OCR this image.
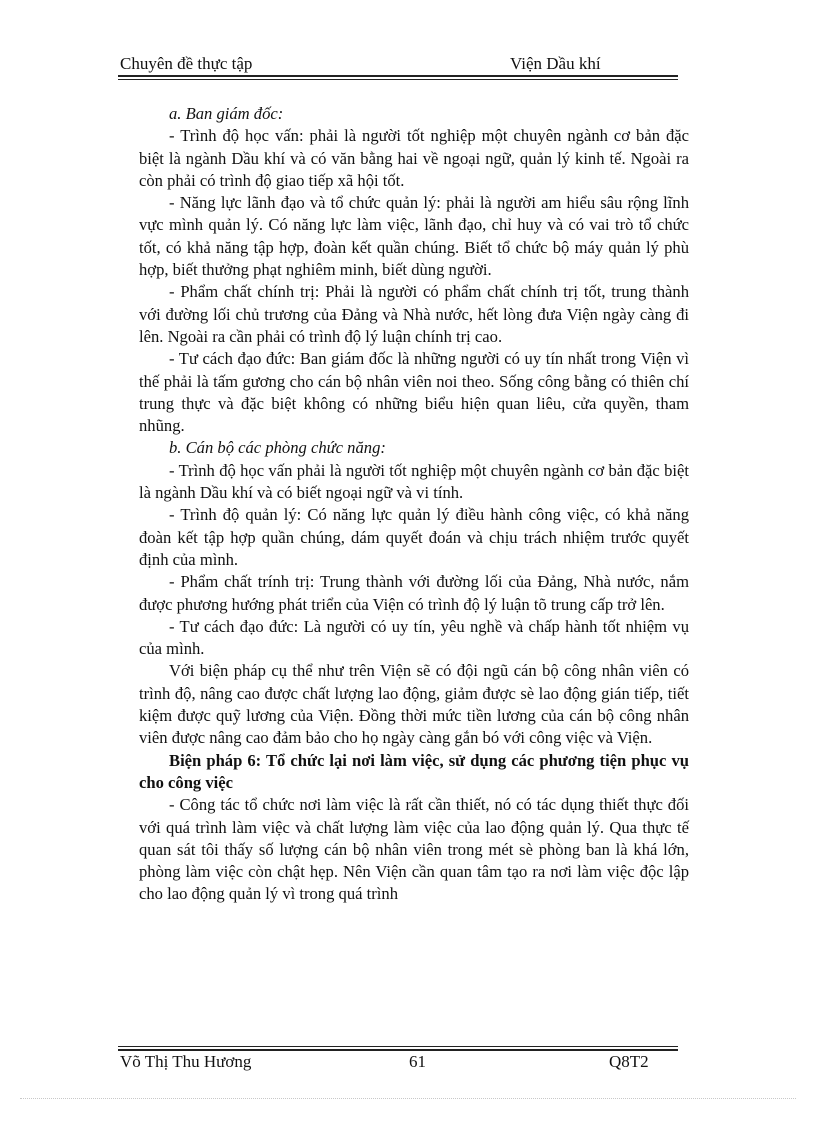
Chuyên đề thực tập	Viện Dầu khí

a. Ban giám đốc:

- Trình độ học vấn: phải là người tốt nghiệp một chuyên ngành cơ bản đặc biệt là ngành Dầu khí và có văn bằng hai về ngoại ngữ, quản lý kinh tế. Ngoài ra còn phải có trình độ giao tiếp xã hội tốt.

- Năng lực lãnh đạo và tổ chức quản lý: phải là người am hiểu sâu rộng lĩnh vực mình quản lý. Có năng lực làm việc, lãnh đạo, chỉ huy và có vai trò tổ chức tốt, có khả năng tập hợp, đoàn kết quần chúng. Biết tổ chức bộ máy quản lý phù hợp, biết thưởng phạt nghiêm minh, biết dùng người.

- Phẩm chất chính trị: Phải là người có phẩm chất chính trị tốt, trung thành với đường lối chủ trương của Đảng và Nhà nước, hết lòng đưa Viện ngày càng đi lên. Ngoài ra cần phải có trình độ lý luận chính trị cao.

- Tư cách đạo đức: Ban giám đốc là những người có uy tín nhất trong Viện vì thế phải là tấm gương cho cán bộ nhân viên noi theo. Sống công bằng có thiên chí trung thực và đặc biệt không có những biểu hiện quan liêu, cửa quyền, tham nhũng.

b. Cán bộ các phòng chức năng:

- Trình độ học vấn phải là người tốt nghiệp một chuyên ngành cơ bản đặc biệt là ngành Dầu khí và có biết ngoại ngữ và vi tính.

- Trình độ quản lý: Có năng lực quản lý điều hành công việc, có khả năng đoàn kết tập hợp quần chúng, dám quyết đoán và chịu trách nhiệm trước quyết định của mình.

- Phẩm chất trính trị: Trung thành với đường lối của Đảng, Nhà nước, nắm được phương hướng phát triển của Viện có trình độ lý luận tõ trung cấp trở lên.

- Tư cách đạo đức: Là người có uy tín, yêu nghề và chấp hành tốt nhiệm vụ của mình.

Với biện pháp cụ thể như trên Viện sẽ có đội ngũ cán bộ công nhân viên có trình độ, nâng cao được chất lượng lao động, giảm được sè lao động gián tiếp, tiết kiệm được quỹ lương của Viện. Đồng thời mức tiền lương của cán bộ công nhân viên được nâng cao đảm bảo cho họ ngày càng gắn bó với công việc và Viện.

Biện pháp 6: Tổ chức lại nơi làm việc, sử dụng các phương tiện phục vụ cho công việc

- Công tác tổ chức nơi làm việc là rất cần thiết, nó có tác dụng thiết thực đối với quá trình làm việc và chất lượng làm việc của lao động quản lý. Qua thực tế quan sát tôi thấy số lượng cán bộ nhân viên trong mét sè phòng ban là khá lớn, phòng làm việc còn chật hẹp. Nên Viện cần quan tâm tạo ra nơi làm việc độc lập cho lao động quản lý vì trong quá trình

Võ Thị Thu Hương	61	Q8T2
